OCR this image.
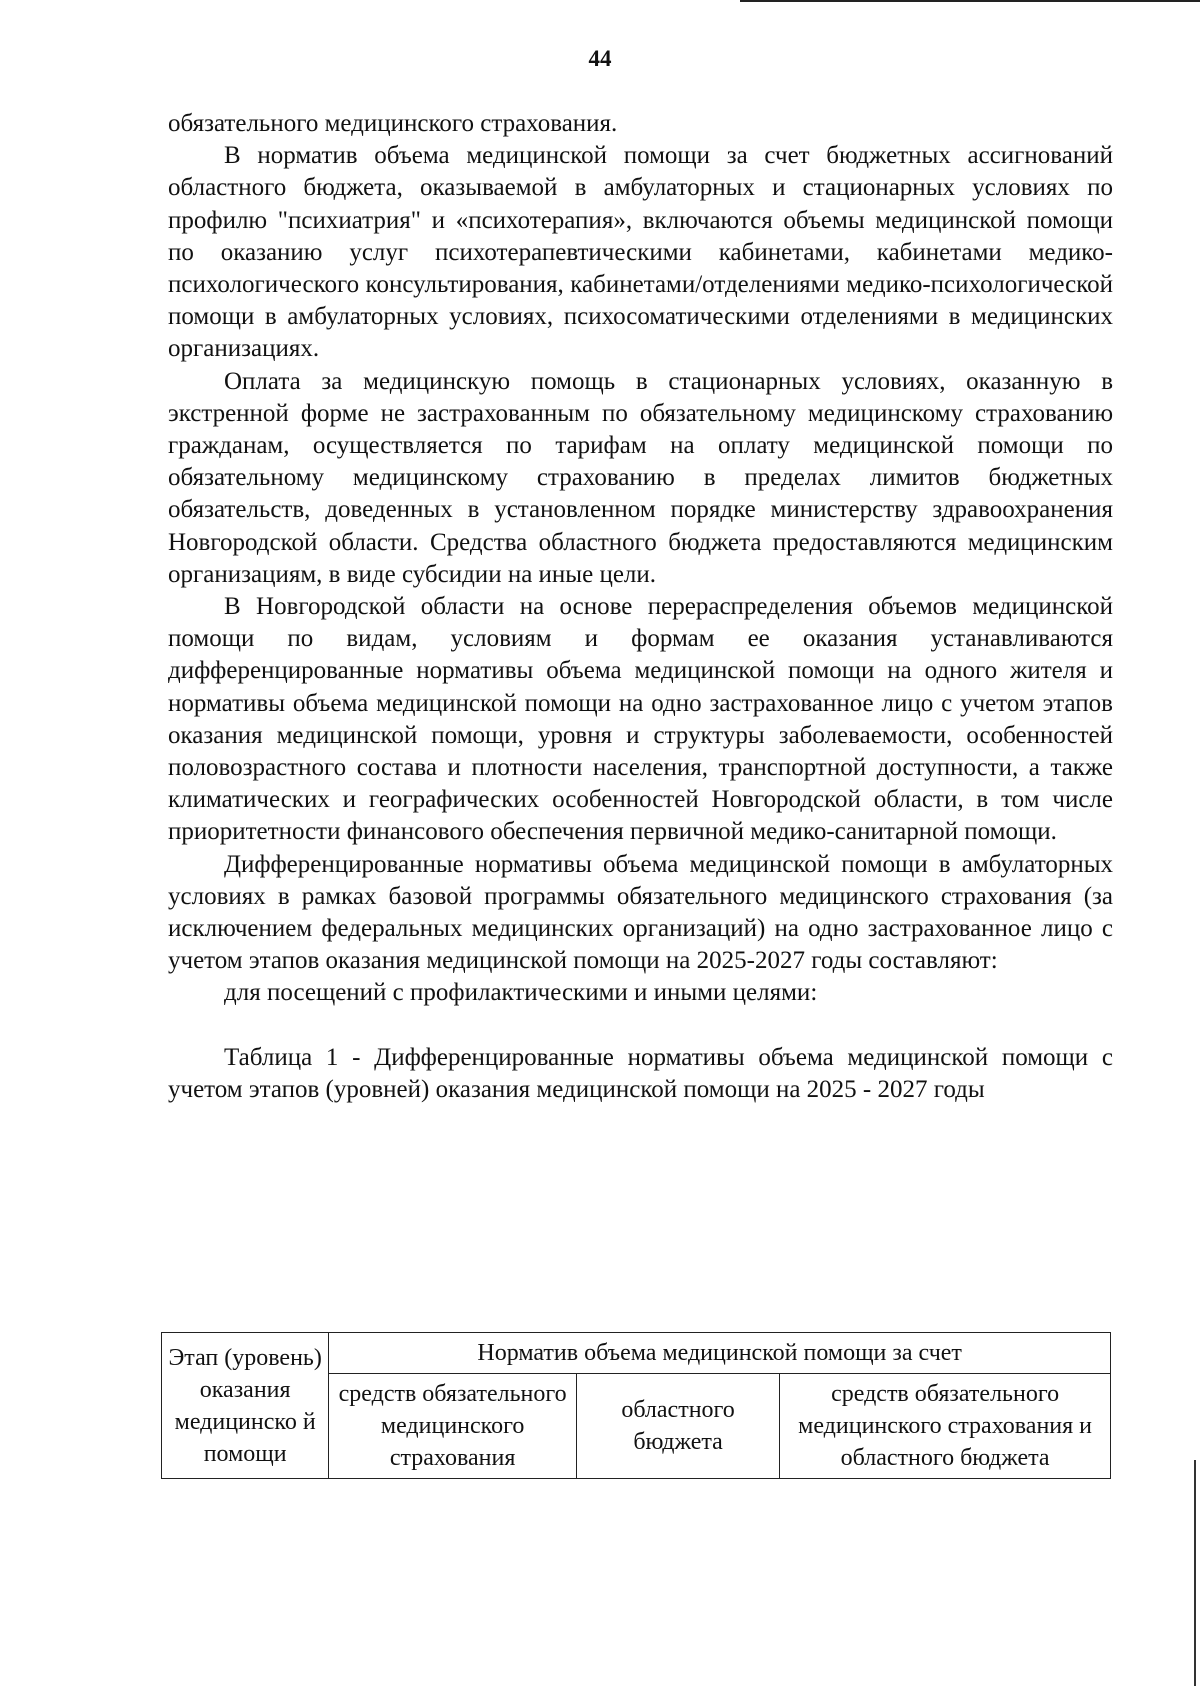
44

обязательного медицинского страхования.

В норматив объема медицинской помощи за счет бюджетных ассигнований областного бюджета, оказываемой в амбулаторных и стационарных условиях по профилю "психиатрия" и «психотерапия», включаются объемы медицинской помощи по оказанию услуг психотерапевтическими кабинетами, кабинетами медико-психологического консультирования, кабинетами/отделениями медико-психологической помощи в амбулаторных условиях, психосоматическими отделениями в медицинских организациях.

Оплата за медицинскую помощь в стационарных условиях, оказанную в экстренной форме не застрахованным по обязательному медицинскому страхованию гражданам, осуществляется по тарифам на оплату медицинской помощи по обязательному медицинскому страхованию в пределах лимитов бюджетных обязательств, доведенных в установленном порядке министерству здравоохранения Новгородской области. Средства областного бюджета предоставляются медицинским организациям, в виде субсидии на иные цели.

В Новгородской области на основе перераспределения объемов медицинской помощи по видам, условиям и формам ее оказания устанавливаются дифференцированные нормативы объема медицинской помощи на одного жителя и нормативы объема медицинской помощи на одно застрахованное лицо с учетом этапов оказания медицинской помощи, уровня и структуры заболеваемости, особенностей половозрастного состава и плотности населения, транспортной доступности, а также климатических и географических особенностей Новгородской области, в том числе приоритетности финансового обеспечения первичной медико-санитарной помощи.

Дифференцированные нормативы объема медицинской помощи в амбулаторных условиях в рамках базовой программы обязательного медицинского страхования (за исключением федеральных медицинских организаций) на одно застрахованное лицо с учетом этапов оказания медицинской помощи на 2025-2027 годы составляют:

для посещений с профилактическими и иными целями:

Таблица 1 - Дифференцированные нормативы объема медицинской помощи с учетом этапов (уровней) оказания медицинской помощи на 2025 - 2027 годы

Этап (уровень) оказания медицинско й помощи	Норматив объема медицинской помощи за счет		
	средств обязательного медицинского страхования	областного бюджета	средств обязательного медицинского страхования и областного бюджета
